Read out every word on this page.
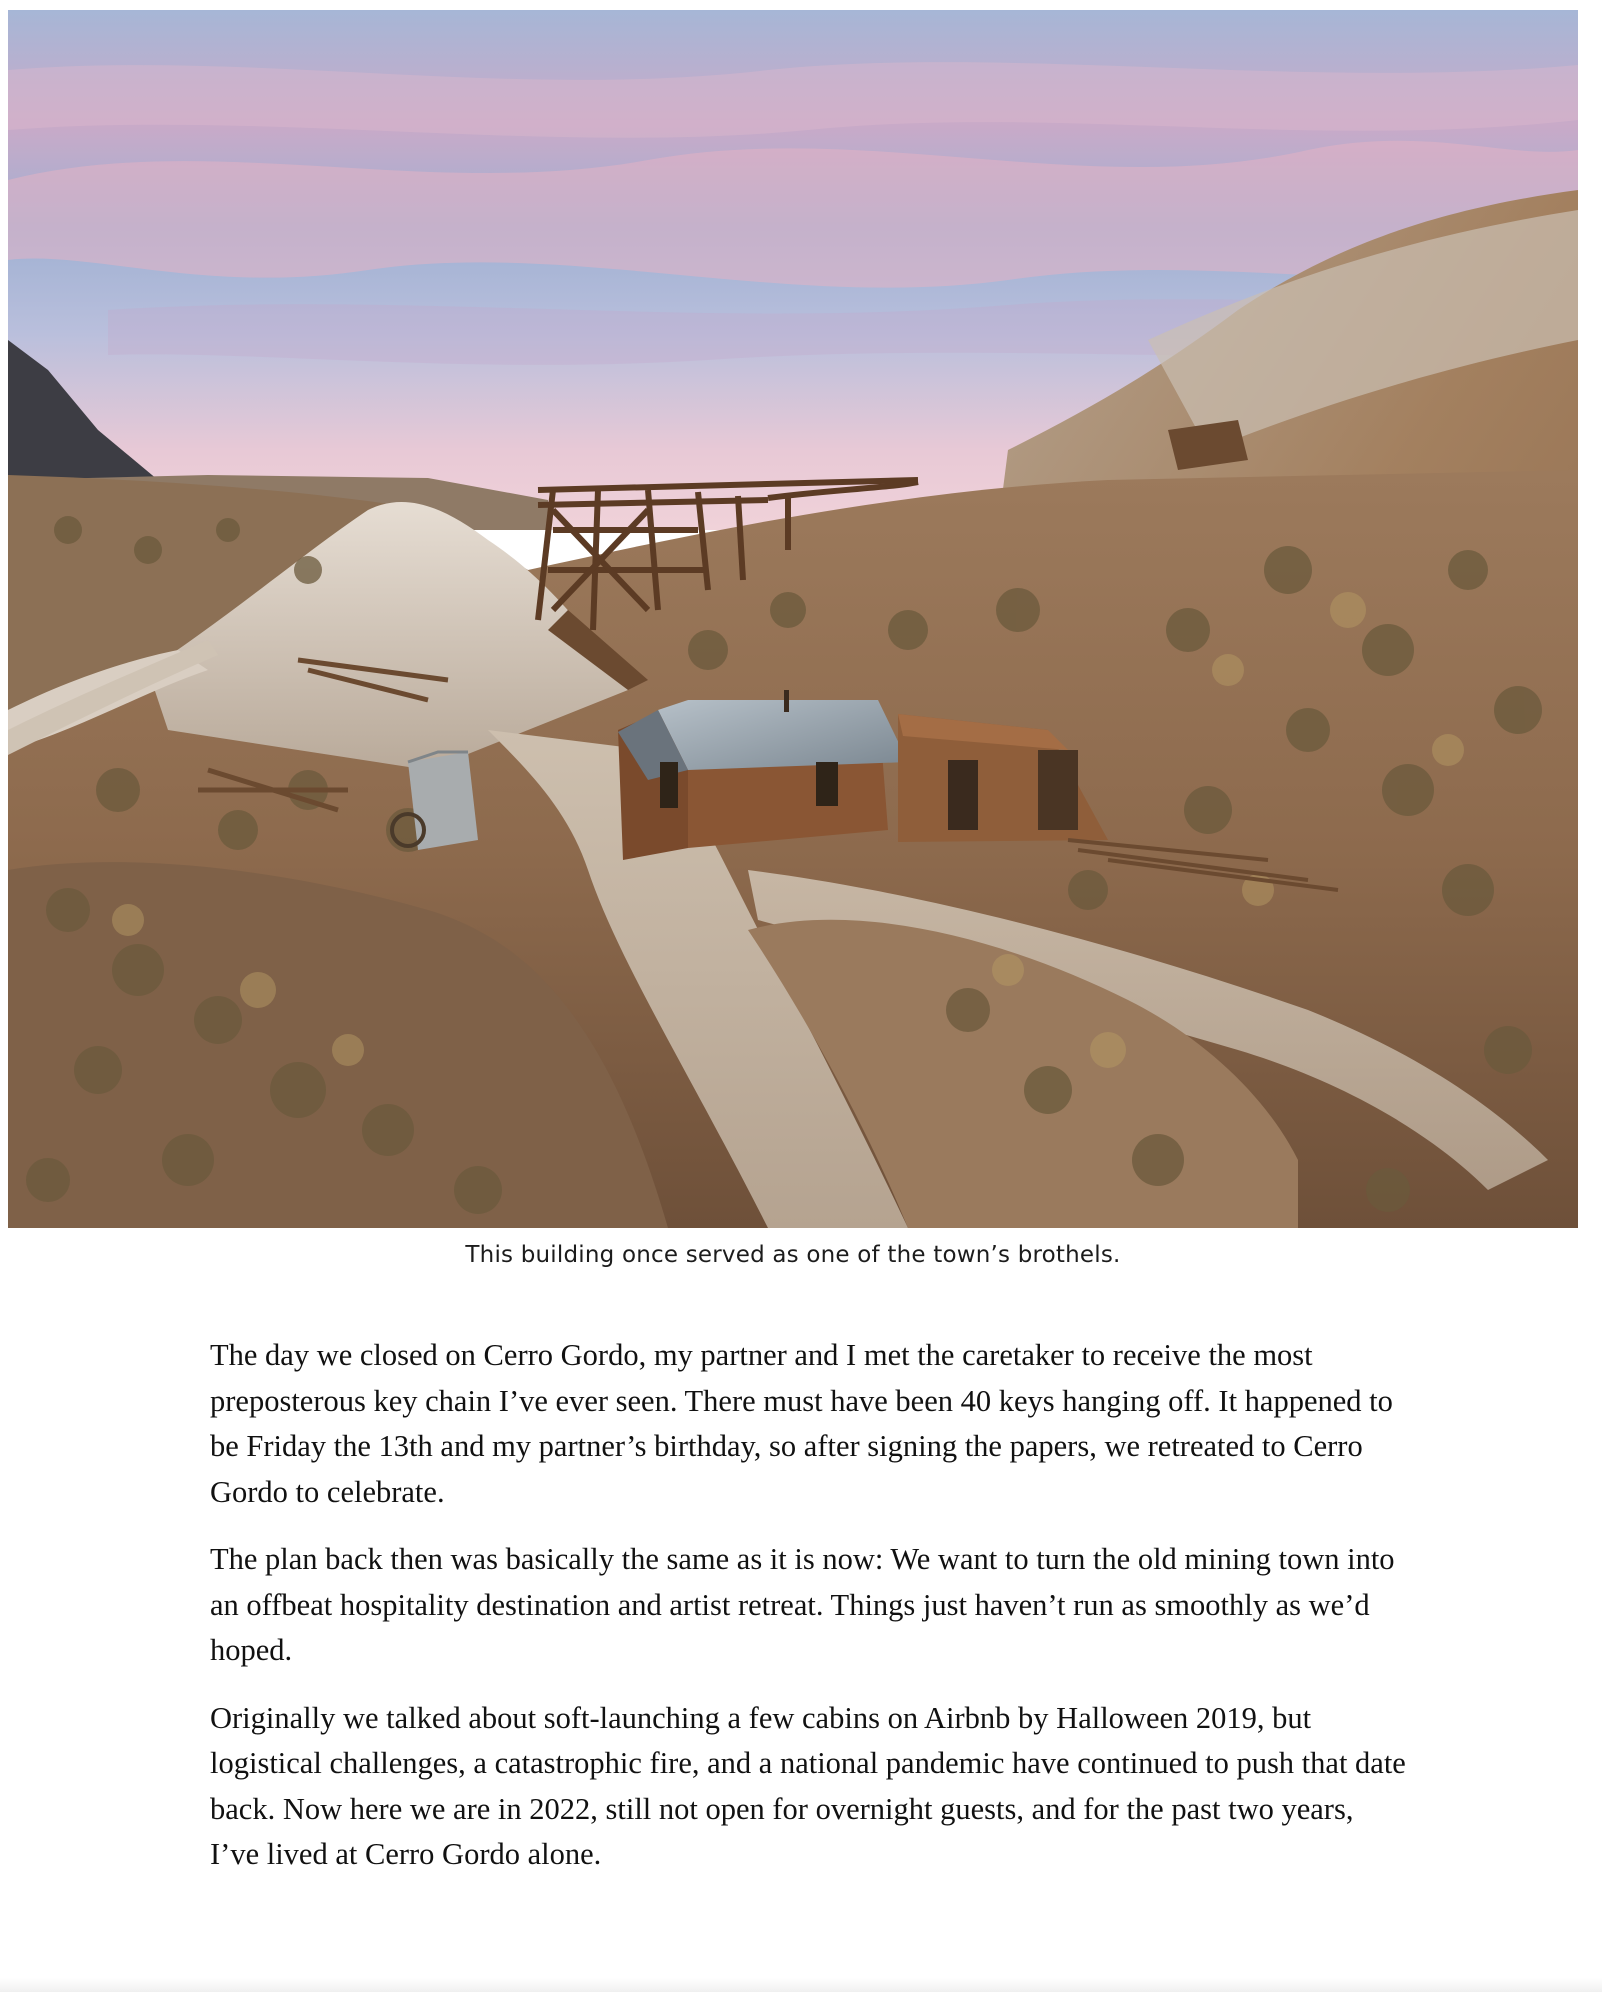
This building once served as one of the town’s brothels.

The day we closed on Cerro Gordo, my partner and I met the caretaker to receive the most preposterous key chain I’ve ever seen. There must have been 40 keys hanging off. It happened to be Friday the 13th and my partner’s birthday, so after signing the papers, we retreated to Cerro Gordo to celebrate.

The plan back then was basically the same as it is now: We want to turn the old mining town into an offbeat hospitality destination and artist retreat. Things just haven’t run as smoothly as we’d hoped.

Originally we talked about soft-launching a few cabins on Airbnb by Halloween 2019, but logistical challenges, a catastrophic fire, and a national pandemic have continued to push that date back. Now here we are in 2022, still not open for overnight guests, and for the past two years, I’ve lived at Cerro Gordo alone.
